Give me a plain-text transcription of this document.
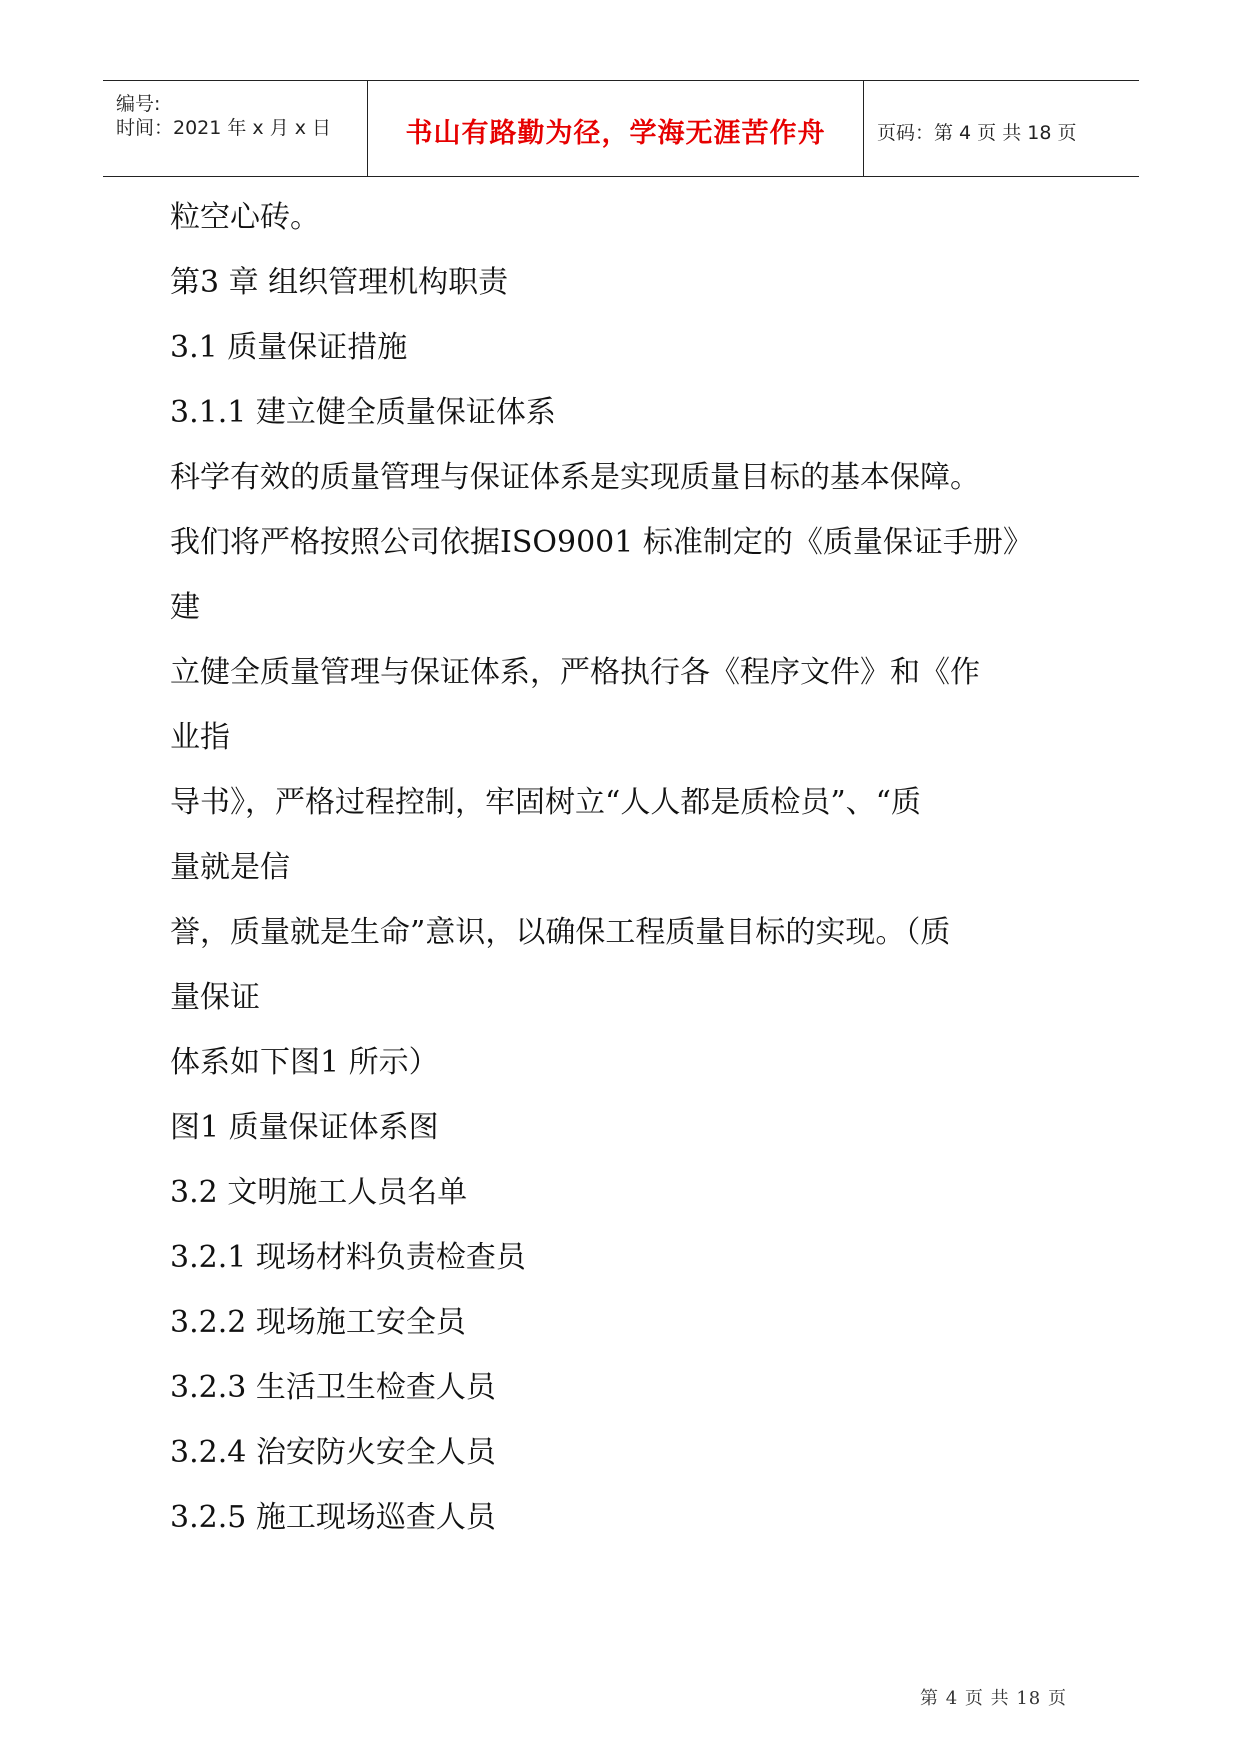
编号:
时间：2021 年 x 月 x 日	书山有路勤为径，学海无涯苦作舟	页码：第 4 页 共 18 页
粒空心砖。
第3 章 组织管理机构职责
3.1 质量保证措施
3.1.1 建立健全质量保证体系
科学有效的质量管理与保证体系是实现质量目标的基本保障。
我们将严格按照公司依据ISO9001 标准制定的《质量保证手册》
建
立健全质量管理与保证体系，严格执行各《程序文件》和《作
业指
导书》，严格过程控制，牢固树立“人人都是质检员”、“质
量就是信
誉，质量就是生命”意识，以确保工程质量目标的实现。（质
量保证
体系如下图1 所示）
图1 质量保证体系图
3.2 文明施工人员名单
3.2.1 现场材料负责检查员
3.2.2 现场施工安全员
3.2.3 生活卫生检查人员
3.2.4 治安防火安全人员
3.2.5 施工现场巡查人员
第 4 页 共 18 页
